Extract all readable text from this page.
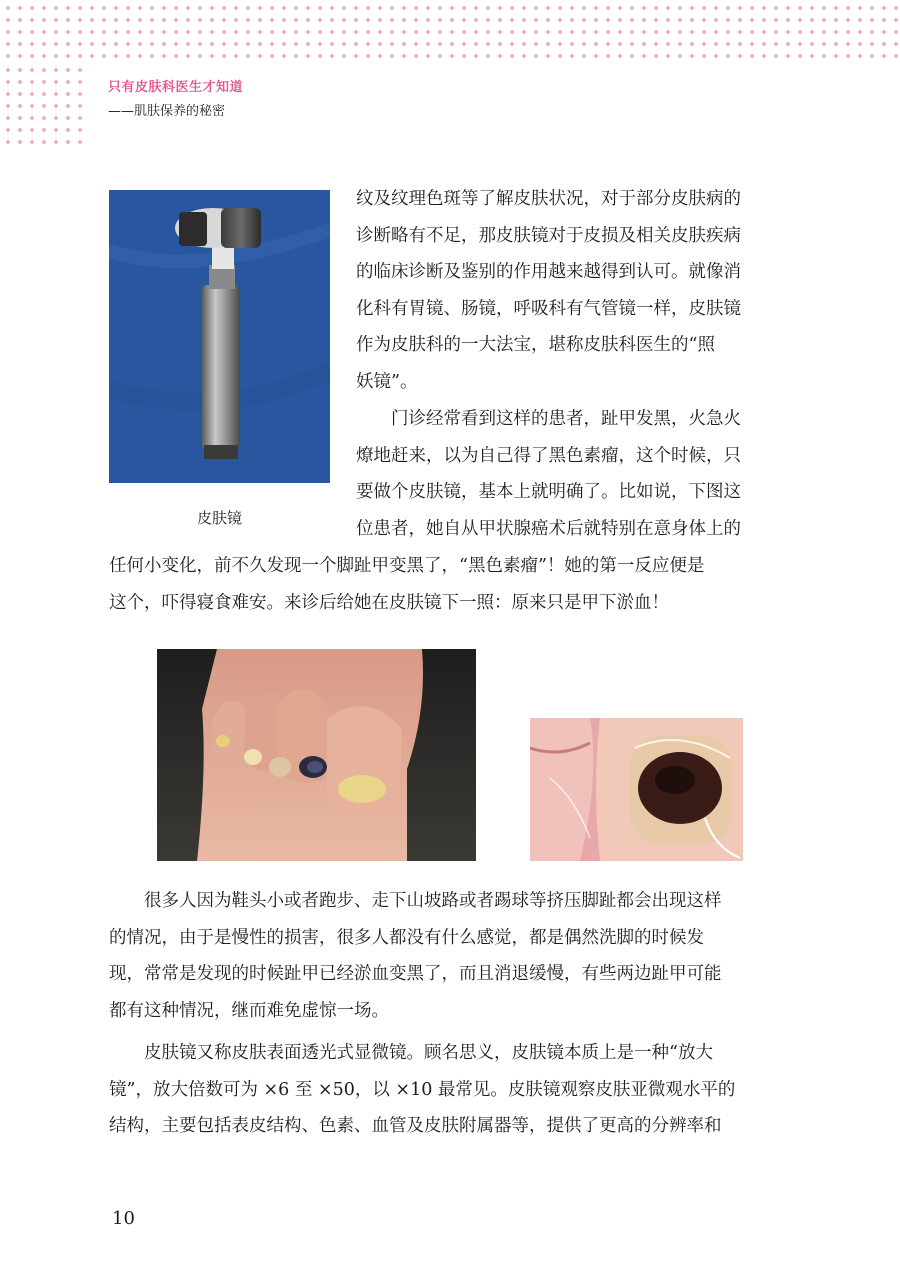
只有皮肤科医生才知道
——肌肤保养的秘密
皮肤镜
纹及纹理色斑等了解皮肤状况，对于部分皮肤病的
诊断略有不足，那皮肤镜对于皮损及相关皮肤疾病
的临床诊断及鉴别的作用越来越得到认可。就像消
化科有胃镜、肠镜，呼吸科有气管镜一样，皮肤镜
作为皮肤科的一大法宝，堪称皮肤科医生的“照
妖镜”。
门诊经常看到这样的患者，趾甲发黑，火急火
燎地赶来，以为自己得了黑色素瘤，这个时候，只
要做个皮肤镜，基本上就明确了。比如说，下图这
位患者，她自从甲状腺癌术后就特别在意身体上的
任何小变化，前不久发现一个脚趾甲变黑了，“黑色素瘤”！她的第一反应便是
这个，吓得寝食难安。来诊后给她在皮肤镜下一照：原来只是甲下淤血！
很多人因为鞋头小或者跑步、走下山坡路或者踢球等挤压脚趾都会出现这样
的情况，由于是慢性的损害，很多人都没有什么感觉，都是偶然洗脚的时候发
现，常常是发现的时候趾甲已经淤血变黑了，而且消退缓慢，有些两边趾甲可能
都有这种情况，继而难免虚惊一场。
皮肤镜又称皮肤表面透光式显微镜。顾名思义，皮肤镜本质上是一种“放大
镜”，放大倍数可为 ×6 至 ×50，以 ×10 最常见。皮肤镜观察皮肤亚微观水平的
结构，主要包括表皮结构、色素、血管及皮肤附属器等，提供了更高的分辨率和
10
